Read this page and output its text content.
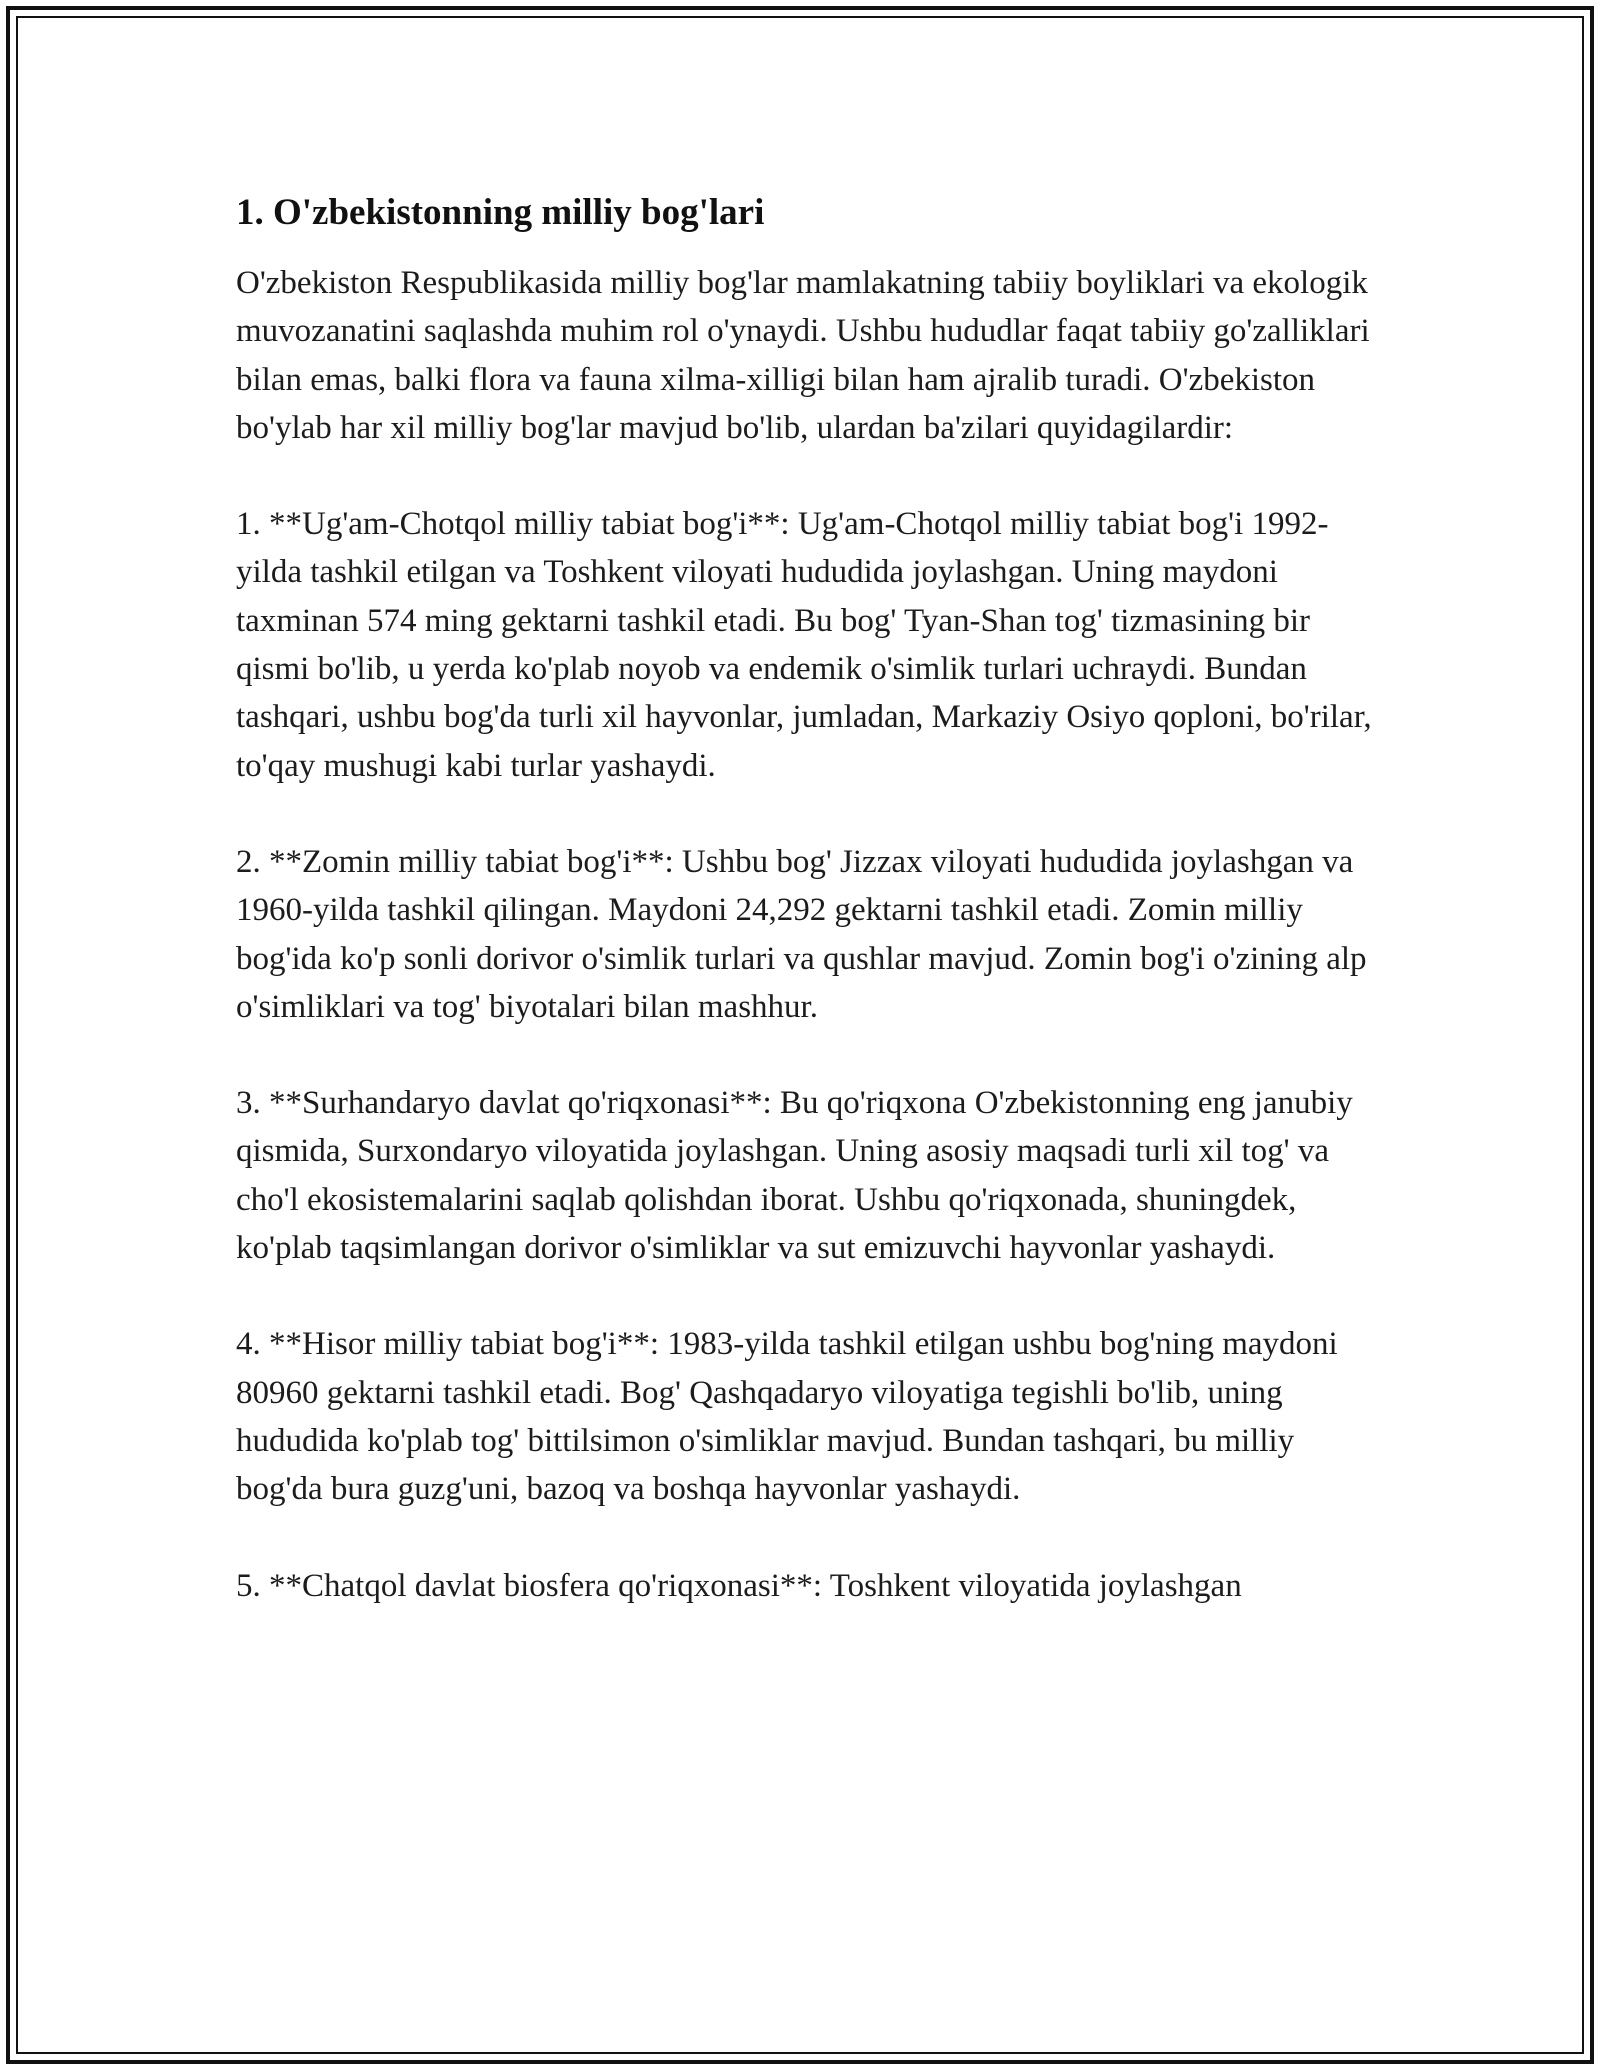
1. O'zbekistonning milliy bog'lari

O'zbekiston Respublikasida milliy bog'lar mamlakatning tabiiy boyliklari va ekologik muvozanatini saqlashda muhim rol o'ynaydi. Ushbu hududlar faqat tabiiy go'zalliklari bilan emas, balki flora va fauna xilma-xilligi bilan ham ajralib turadi. O'zbekiston bo'ylab har xil milliy bog'lar mavjud bo'lib, ulardan ba'zilari quyidagilardir:

1. **Ug'am-Chotqol milliy tabiat bog'i**: Ug'am-Chotqol milliy tabiat bog'i 1992-yilda tashkil etilgan va Toshkent viloyati hududida joylashgan. Uning maydoni taxminan 574 ming gektarni tashkil etadi. Bu bog' Tyan-Shan tog' tizmasining bir qismi bo'lib, u yerda ko'plab noyob va endemik o'simlik turlari uchraydi. Bundan tashqari, ushbu bog'da turli xil hayvonlar, jumladan, Markaziy Osiyo qoploni, bo'rilar, to'qay mushugi kabi turlar yashaydi.

2. **Zomin milliy tabiat bog'i**: Ushbu bog' Jizzax viloyati hududida joylashgan va 1960-yilda tashkil qilingan. Maydoni 24,292 gektarni tashkil etadi. Zomin milliy bog'ida ko'p sonli dorivor o'simlik turlari va qushlar mavjud. Zomin bog'i o'zining alp o'simliklari va tog' biyotalari bilan mashhur.

3. **Surhandaryo davlat qo'riqxonasi**: Bu qo'riqxona O'zbekistonning eng janubiy qismida, Surxondaryo viloyatida joylashgan. Uning asosiy maqsadi turli xil tog' va cho'l ekosistemalarini saqlab qolishdan iborat. Ushbu qo'riqxonada, shuningdek, ko'plab taqsimlangan dorivor o'simliklar va sut emizuvchi hayvonlar yashaydi.

4. **Hisor milliy tabiat bog'i**: 1983-yilda tashkil etilgan ushbu bog'ning maydoni 80960 gektarni tashkil etadi. Bog' Qashqadaryo viloyatiga tegishli bo'lib, uning hududida ko'plab tog' bittilsimon o'simliklar mavjud. Bundan tashqari, bu milliy bog'da bura guzg'uni, bazoq va boshqa hayvonlar yashaydi.

5. **Chatqol davlat biosfera qo'riqxonasi**: Toshkent viloyatida joylashgan
